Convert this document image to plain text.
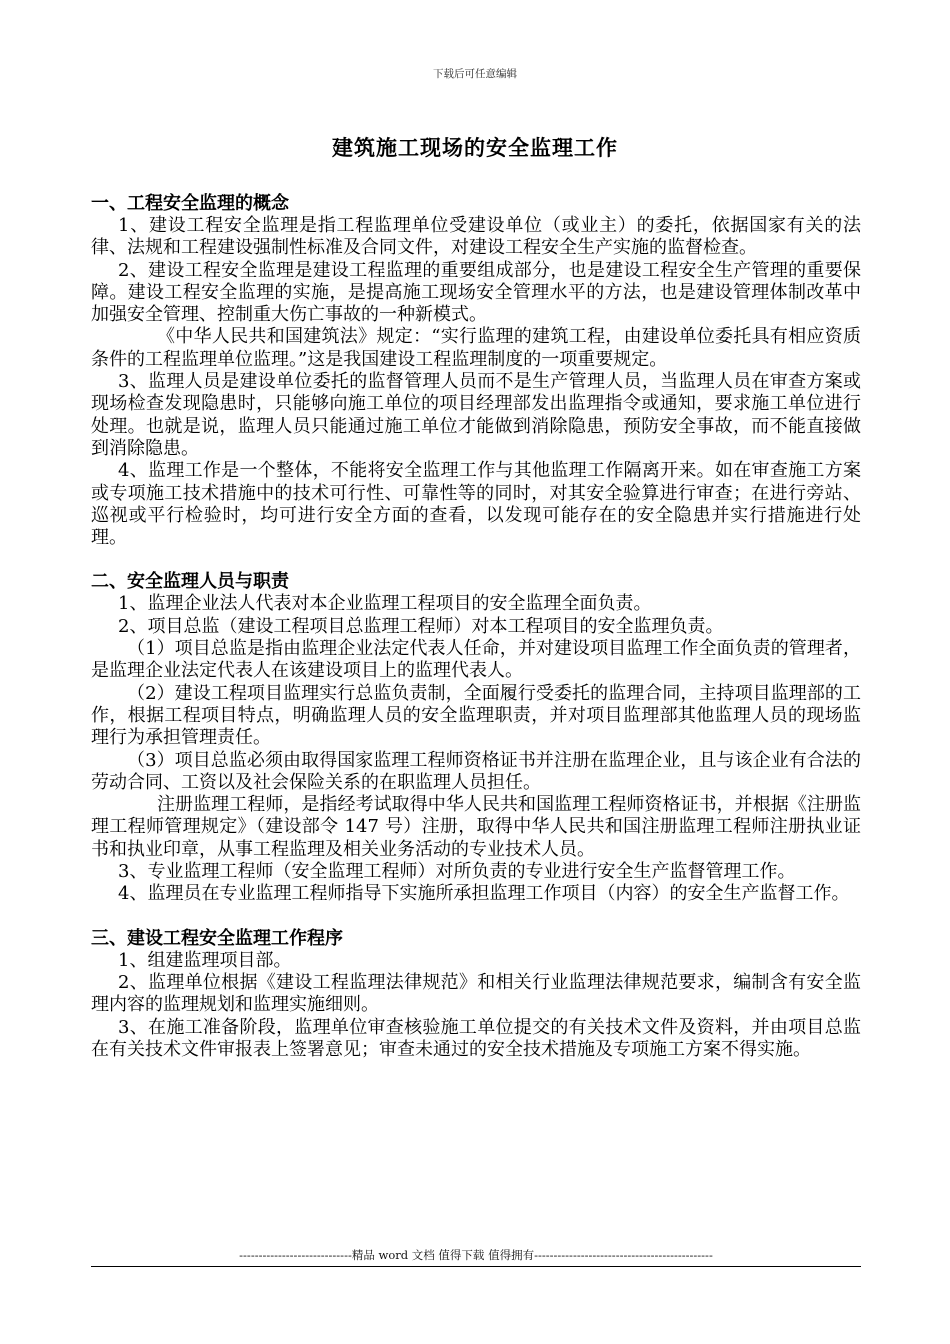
下载后可任意编辑
建筑施工现场的安全监理工作

一、工程安全监理的概念

1、建设工程安全监理是指工程监理单位受建设单位（或业主）的委托，依据国家有关的法律、法规和工程建设强制性标准及合同文件，对建设工程安全生产实施的监督检查。

2、建设工程安全监理是建设工程监理的重要组成部分，也是建设工程安全生产管理的重要保障。建设工程安全监理的实施，是提高施工现场安全管理水平的方法，也是建设管理体制改革中加强安全管理、控制重大伤亡事故的一种新模式。

《中华人民共和国建筑法》规定：“实行监理的建筑工程，由建设单位委托具有相应资质条件的工程监理单位监理。”这是我国建设工程监理制度的一项重要规定。

3、监理人员是建设单位委托的监督管理人员而不是生产管理人员，当监理人员在审查方案或现场检查发现隐患时，只能够向施工单位的项目经理部发出监理指令或通知，要求施工单位进行处理。也就是说，监理人员只能通过施工单位才能做到消除隐患，预防安全事故，而不能直接做到消除隐患。

4、监理工作是一个整体，不能将安全监理工作与其他监理工作隔离开来。如在审查施工方案或专项施工技术措施中的技术可行性、可靠性等的同时，对其安全验算进行审查；在进行旁站、巡视或平行检验时，均可进行安全方面的查看，以发现可能存在的安全隐患并实行措施进行处理。

二、安全监理人员与职责

1、监理企业法人代表对本企业监理工程项目的安全监理全面负责。

2、项目总监（建设工程项目总监理工程师）对本工程项目的安全监理负责。

（1）项目总监是指由监理企业法定代表人任命，并对建设项目监理工作全面负责的管理者，是监理企业法定代表人在该建设项目上的监理代表人。

（2）建设工程项目监理实行总监负责制，全面履行受委托的监理合同，主持项目监理部的工作，根据工程项目特点，明确监理人员的安全监理职责，并对项目监理部其他监理人员的现场监理行为承担管理责任。

（3）项目总监必须由取得国家监理工程师资格证书并注册在监理企业，且与该企业有合法的劳动合同、工资以及社会保险关系的在职监理人员担任。

注册监理工程师，是指经考试取得中华人民共和国监理工程师资格证书，并根据《注册监理工程师管理规定》（建设部令 147 号）注册，取得中华人民共和国注册监理工程师注册执业证书和执业印章，从事工程监理及相关业务活动的专业技术人员。

3、专业监理工程师（安全监理工程师）对所负责的专业进行安全生产监督管理工作。

4、监理员在专业监理工程师指导下实施所承担监理工作项目（内容）的安全生产监督工作。

三、建设工程安全监理工作程序

1、组建监理项目部。

2、监理单位根据《建设工程监理法律规范》和相关行业监理法律规范要求，编制含有安全监理内容的监理规划和监理实施细则。

3、在施工准备阶段，监理单位审查核验施工单位提交的有关技术文件及资料，并由项目总监在有关技术文件审报表上签署意见；审查未通过的安全技术措施及专项施工方案不得实施。

-----------------------------精品 word 文档 值得下载 值得拥有----------------------------------------------
